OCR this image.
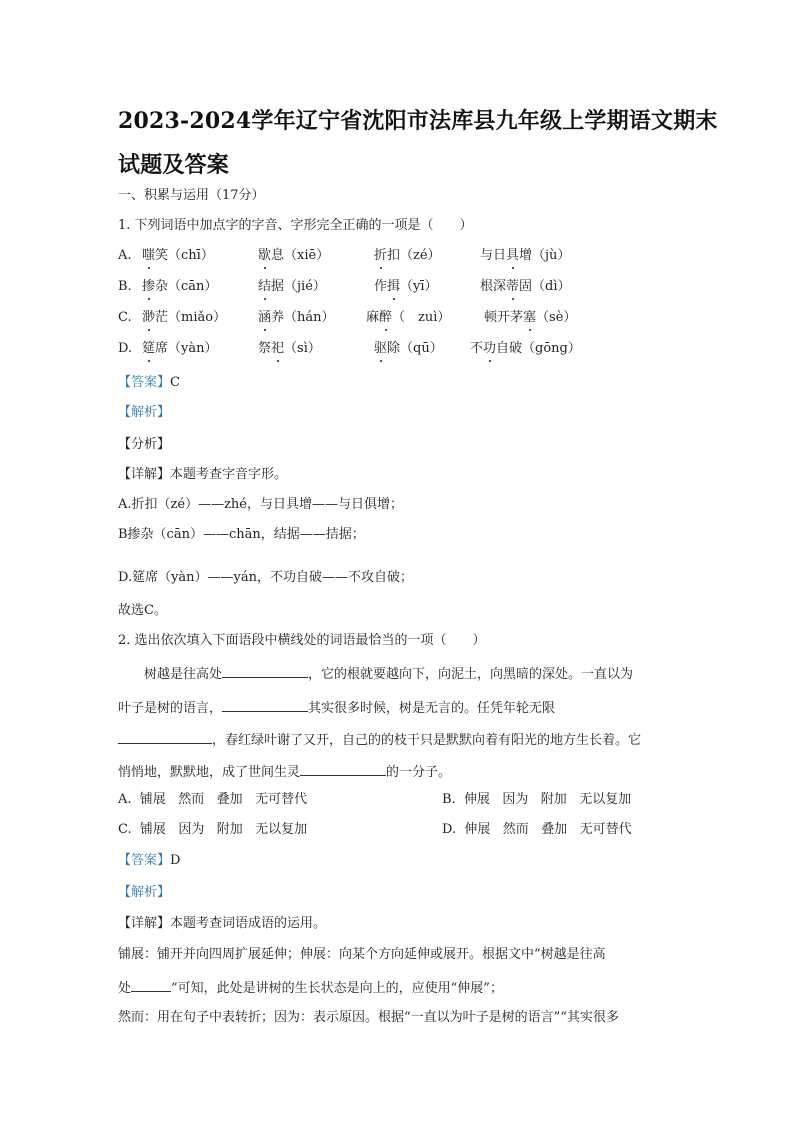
2023-2024学年辽宁省沈阳市法库县九年级上学期语文期末
试题及答案
一、积累与运用（17分）
1. 下列词语中加点字的字音、字形完全正确的一项是（　　）
A. 嗤笑（chī）	歇息（xiē）	折扣（zé）	与日具增（jù）
B. 掺杂（cān）	结据（jié）	作揖（yī）	根深蒂固（dì）
C. 渺茫（miǎo） 涵养（hán） 麻醉（　zuì）	顿开茅塞（sè）
D. 筵席（yàn）	祭祀（sì）	驱除（qū） 不功自破（gōng）
【答案】C
【解析】
【分析】
【详解】本题考查字音字形。
A.折扣（zé）——zhé，与日具增——与日俱增；
B掺杂（cān）——chān，结据——拮据；
D.筵席（yàn）——yán，不功自破——不攻自破；
故选C。
2. 选出依次填入下面语段中横线处的词语最恰当的一项（　　）
树越是往高处	，它的根就要越向下，向泥土，向黑暗的深处。一直以为
叶子是树的语言，	其实很多时候，树是无言的。任凭年轮无限
，春红绿叶谢了又开，自己的的枝干只是默默向着有阳光的地方生长着。它
悄悄地，默默地，成了世间生灵	的一分子。
A. 铺展 然而 叠加 无可替代	B. 伸展 因为 附加 无以复加
C. 铺展 因为 附加 无以复加	D. 伸展 然而 叠加 无可替代
【答案】D
【解析】
【详解】本题考查词语成语的运用。
铺展：铺开并向四周扩展延伸；伸展：向某个方向延伸或展开。根据文中“树越是往高
处	”可知，此处是讲树的生长状态是向上的，应使用“伸展”；
然而：用在句子中表转折；因为：表示原因。根据“一直以为叶子是树的语言”“其实很多
